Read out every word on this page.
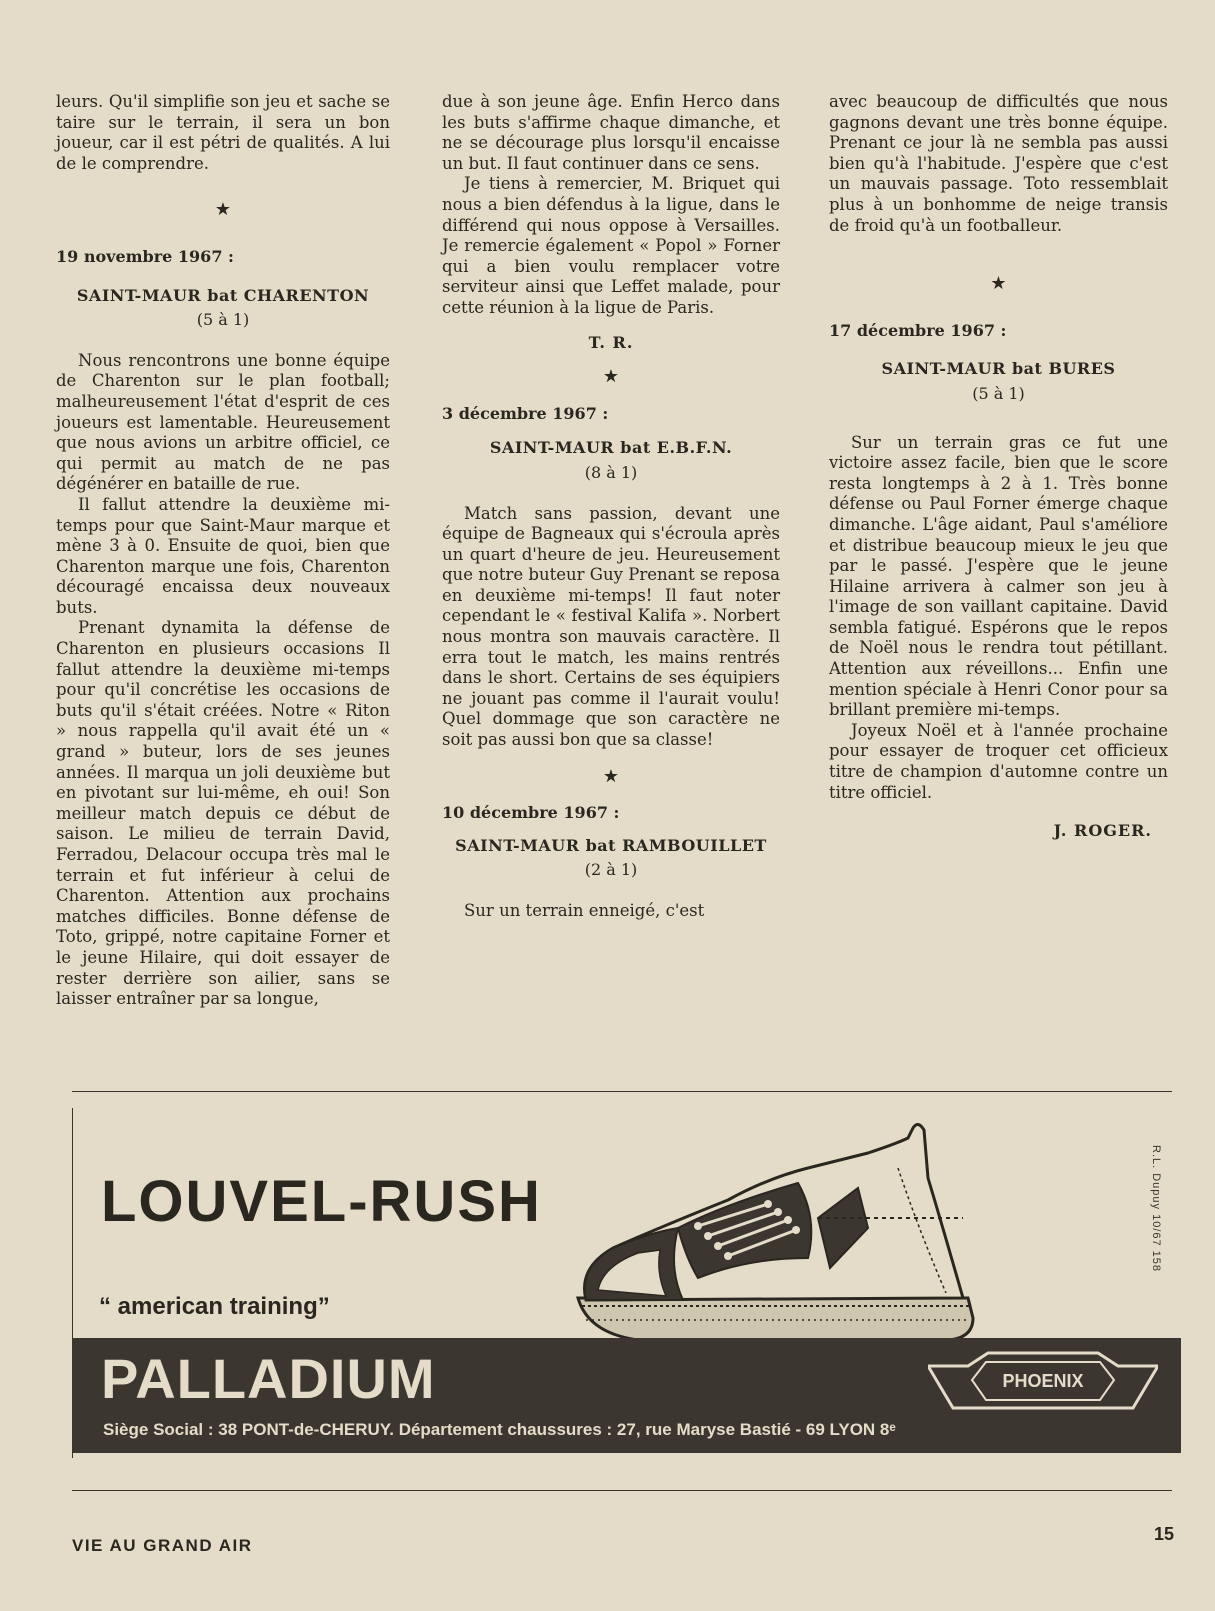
leurs. Qu'il simplifie son jeu et sache se taire sur le terrain, il sera un bon joueur, car il est pétri de qualités. A lui de le comprendre.

★
19 novembre 1967 :
SAINT-MAUR bat CHARENTON
(5 à 1)

Nous rencontrons une bonne équipe de Charenton sur le plan football; malheureusement l'état d'esprit de ces joueurs est lamentable. Heureusement que nous avions un arbitre officiel, ce qui permit au match de ne pas dégénérer en bataille de rue.

Il fallut attendre la deuxième mi-temps pour que Saint-Maur marque et mène 3 à 0. Ensuite de quoi, bien que Charenton marque une fois, Charenton découragé encaissa deux nouveaux buts.

Prenant dynamita la défense de Charenton en plusieurs occasions Il fallut attendre la deuxième mi-temps pour qu'il concrétise les occasions de buts qu'il s'était créées. Notre « Riton » nous rappella qu'il avait été un « grand » buteur, lors de ses jeunes années. Il marqua un joli deuxième but en pivotant sur lui-même, eh oui! Son meilleur match depuis ce début de saison. Le milieu de terrain David, Ferradou, Delacour occupa très mal le terrain et fut inférieur à celui de Charenton. Attention aux prochains matches difficiles. Bonne défense de Toto, grippé, notre capitaine Forner et le jeune Hilaire, qui doit essayer de rester derrière son ailier, sans se laisser entraîner par sa longue,

due à son jeune âge. Enfin Herco dans les buts s'affirme chaque dimanche, et ne se décourage plus lorsqu'il encaisse un but. Il faut continuer dans ce sens.

Je tiens à remercier, M. Briquet qui nous a bien défendus à la ligue, dans le différend qui nous oppose à Versailles. Je remercie également « Popol » Forner qui a bien voulu remplacer votre serviteur ainsi que Leffet malade, pour cette réunion à la ligue de Paris.

T. R.
★
3 décembre 1967 :
SAINT-MAUR bat E.B.F.N.
(8 à 1)

Match sans passion, devant une équipe de Bagneaux qui s'écroula après un quart d'heure de jeu. Heureusement que notre buteur Guy Prenant se reposa en deuxième mi-temps! Il faut noter cependant le « festival Kalifa ». Norbert nous montra son mauvais caractère. Il erra tout le match, les mains rentrés dans le short. Certains de ses équipiers ne jouant pas comme il l'aurait voulu! Quel dommage que son caractère ne soit pas aussi bon que sa classe!

★
10 décembre 1967 :
SAINT-MAUR bat RAMBOUILLET
(2 à 1)

Sur un terrain enneigé, c'est

avec beaucoup de difficultés que nous gagnons devant une très bonne équipe. Prenant ce jour là ne sembla pas aussi bien qu'à l'habitude. J'espère que c'est un mauvais passage. Toto ressemblait plus à un bonhomme de neige transis de froid qu'à un footballeur.

★
17 décembre 1967 :
SAINT-MAUR bat BURES
(5 à 1)

Sur un terrain gras ce fut une victoire assez facile, bien que le score resta longtemps à 2 à 1. Très bonne défense ou Paul Forner émerge chaque dimanche. L'âge aidant, Paul s'améliore et distribue beaucoup mieux le jeu que par le passé. J'espère que le jeune Hilaine arrivera à calmer son jeu à l'image de son vaillant capitaine. David sembla fatigué. Espérons que le repos de Noël nous le rendra tout pétillant. Attention aux réveillons... Enfin une mention spéciale à Henri Conor pour sa brillant première mi-temps.

Joyeux Noël et à l'année prochaine pour essayer de troquer cet officieux titre de champion d'automne contre un titre officiel.

J. ROGER.
LOUVEL-RUSH
“ american training”
PALLADIUM	PHOENIX
Siège Social : 38 PONT-de-CHERUY. Département chaussures : 27, rue Maryse Bastié - 69 LYON 8ᵉ
R.L. Dupuy 10/67 158
VIE AU GRAND AIR
15
